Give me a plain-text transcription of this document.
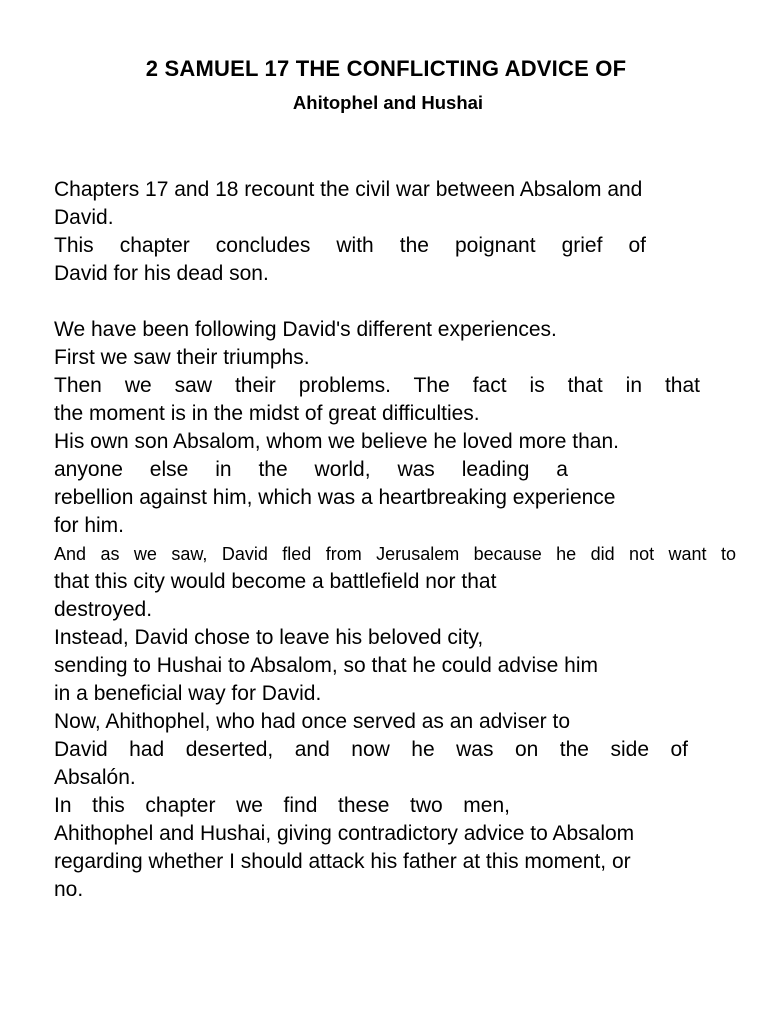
2 SAMUEL 17 THE CONFLICTING ADVICE OF
Ahitophel and Hushai
Chapters 17 and 18 recount the civil war between Absalom and
David.
This chapter concludes with the poignant grief of
David for his dead son.
We have been following David's different experiences.
First we saw their triumphs.
Then we saw their problems. The fact is that in that
the moment is in the midst of great difficulties.
His own son Absalom, whom we believe he loved more than.
anyone else in the world, was leading a
rebellion against him, which was a heartbreaking experience
for him.
And as we saw, David fled from Jerusalem because he did not want to
that this city would become a battlefield nor that
destroyed.
Instead, David chose to leave his beloved city,
sending to Hushai to Absalom, so that he could advise him
in a beneficial way for David.
Now, Ahithophel, who had once served as an adviser to
David had deserted, and now he was on the side of
Absalón.
In this chapter we find these two men,
Ahithophel and Hushai, giving contradictory advice to Absalom
regarding whether I should attack his father at this moment, or
no.
